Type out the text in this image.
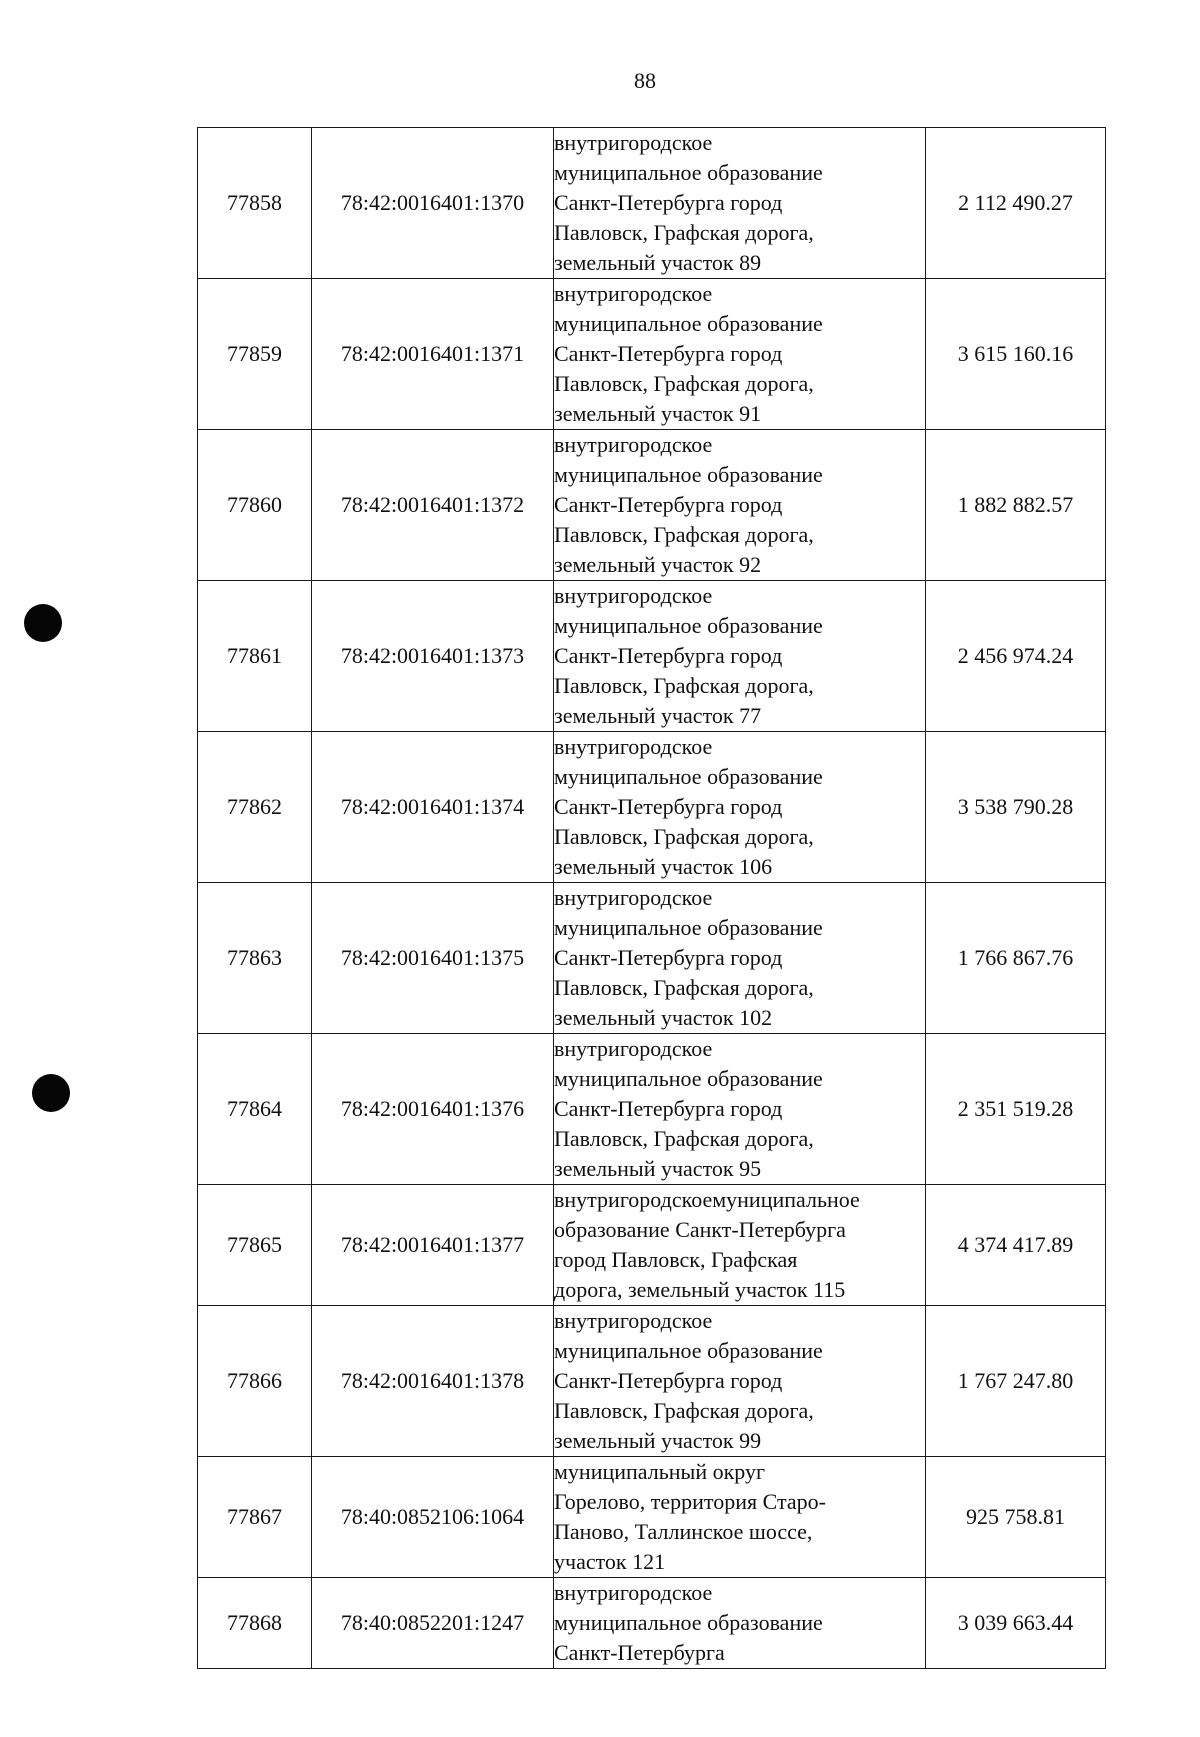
88
77858	78:42:0016401:1370	внутригородское
муниципальное образование
Санкт-Петербурга город
Павловск, Графская дорога,
земельный участок 89	2 112 490.27
77859	78:42:0016401:1371	внутригородское
муниципальное образование
Санкт-Петербурга город
Павловск, Графская дорога,
земельный участок 91	3 615 160.16
77860	78:42:0016401:1372	внутригородское
муниципальное образование
Санкт-Петербурга город
Павловск, Графская дорога,
земельный участок 92	1 882 882.57
77861	78:42:0016401:1373	внутригородское
муниципальное образование
Санкт-Петербурга город
Павловск, Графская дорога,
земельный участок 77	2 456 974.24
77862	78:42:0016401:1374	внутригородское
муниципальное образование
Санкт-Петербурга город
Павловск, Графская дорога,
земельный участок 106	3 538 790.28
77863	78:42:0016401:1375	внутригородское
муниципальное образование
Санкт-Петербурга город
Павловск, Графская дорога,
земельный участок 102	1 766 867.76
77864	78:42:0016401:1376	внутригородское
муниципальное образование
Санкт-Петербурга город
Павловск, Графская дорога,
земельный участок 95	2 351 519.28
77865	78:42:0016401:1377	внутригородскоемуниципальное
образование Санкт-Петербурга
город Павловск, Графская
дорога, земельный участок 115	4 374 417.89
77866	78:42:0016401:1378	внутригородское
муниципальное образование
Санкт-Петербурга город
Павловск, Графская дорога,
земельный участок 99	1 767 247.80
77867	78:40:0852106:1064	муниципальный округ
Горелово, территория Старо-
Паново, Таллинское шоссе,
участок 121	925 758.81
77868	78:40:0852201:1247	внутригородское
муниципальное образование
Санкт-Петербурга	3 039 663.44
